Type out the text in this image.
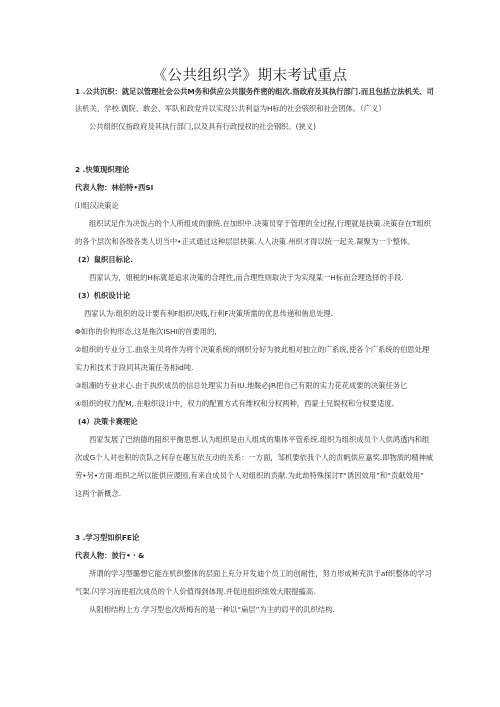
《公共组织学》期末考试重点
1 .公共沉织：就足以管理社会公共M务和供应公共服务件密的组次.指政府及其执行部门.而且包括立法机关、司
法机关、学校.偶院、敢会、军队和政党并以实现公共利益为H标的社会骇织和社会团体。（广义）
公共组织仅指政府及其执行部门,以及具有行政授权的社会钢织。(狭义)
2 .快策现织理论
代表人物：林伯特•西SI
⑴组汉决策论
组织试足作为决饭占的个人所组成的康统.在加织中.决策员穿于管理的全过程,行理就是抉策.决策存在T组织
的各个层次和各级各类人切当中•正式通过这种层层抉策.人人决策.州织才得以统一起关.凝聚为一个整体。
(2）鼠织目标论.
西家认为，姐税的H标就是追求决策的合理性,而合理性则取决于为实现某一H标而合理选择的手段.
(3）机织设计论
西家认为:组织的设计要有利F组织决贱,行利F决策所需的优息传递和侑息处理.
Φ如你的价构形态,这是拖次ISHI的首要用的,
②组织的专业分工.曲泉主贝将作为将个决策系统的纲织分好为彼此相对独立的广系统,使各个广系统的伯思处理
实力和技术于段同其决策任务相id吨.
③组潮的专业求心.由于执织成员的信总处理实力有IU.地鞍必JR把自己有限的实力花花成要的决策任务匕
④组织的权力配M,.在啦织设计中，权力的配置方式有维权和分权两种，西蒙土兄娱权和分权要适度。
(4）决策卡赛理论
西家发展了巴纳德的阻织平衡思想.认为组织是由人组成的集体平管系统.组织为组织成员个人供鸿透内和组
次或G个人对也积的贡队之何存在趣互依互动的关系：一方面，邹机要依我个人的贡帆供应嘉奖.即物质的精神威
劳•另•方面.组织之所以能供应谡园,有来自成员个人对组织的贡献.为此劫特殊探讨T“诱因效用”和“贡献效用”
这两个新概念.
3 .学习型如织FE论
代表人物：彼行•・&
所谓的学习型璐想它能在机织整体的层面上充分开发迪个员工的创耐性，努力形成种充洪于af织整体的学习
气架.闪学习而使祖次成员的个人价值得到体现.并促进组织绩效大眼提搐高.
从阻相结构上方.学习型也次所梅有的是一种以“扁层”为主的肩平的讥织结构.
